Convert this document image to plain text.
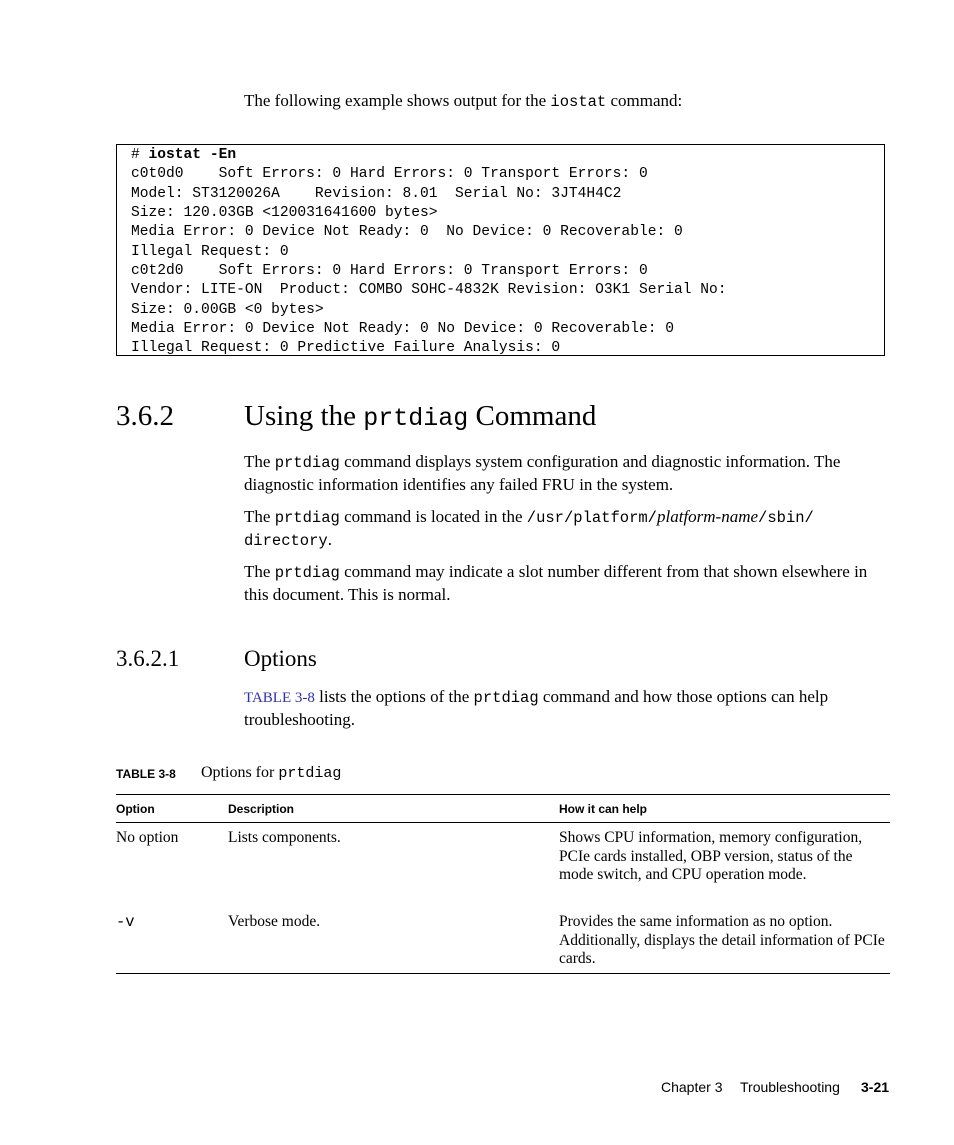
The following example shows output for the iostat command:
# iostat -En
c0t0d0    Soft Errors: 0 Hard Errors: 0 Transport Errors: 0
Model: ST3120026A    Revision: 8.01  Serial No: 3JT4H4C2
Size: 120.03GB <120031641600 bytes>
Media Error: 0 Device Not Ready: 0  No Device: 0 Recoverable: 0
Illegal Request: 0
c0t2d0    Soft Errors: 0 Hard Errors: 0 Transport Errors: 0
Vendor: LITE-ON  Product: COMBO SOHC-4832K Revision: O3K1 Serial No:
Size: 0.00GB <0 bytes>
Media Error: 0 Device Not Ready: 0 No Device: 0 Recoverable: 0
Illegal Request: 0 Predictive Failure Analysis: 0
3.6.2 Using the prtdiag Command
The prtdiag command displays system configuration and diagnostic information. The diagnostic information identifies any failed FRU in the system.
The prtdiag command is located in the /usr/platform/platform-name/sbin/
directory.
The prtdiag command may indicate a slot number different from that shown elsewhere in this document. This is normal.
3.6.2.1	Options
TABLE 3-8 lists the options of the prtdiag command and how those options can help troubleshooting.
TABLE 3-8 Options for prtdiag
Option	Description	How it can help
No option	Lists components.	Shows CPU information, memory configuration, PCIe cards installed, OBP version, status of the mode switch, and CPU operation mode.
-v	Verbose mode.	Provides the same information as no option. Additionally, displays the detail information of PCIe cards.
Chapter 3 Troubleshooting 3-21
